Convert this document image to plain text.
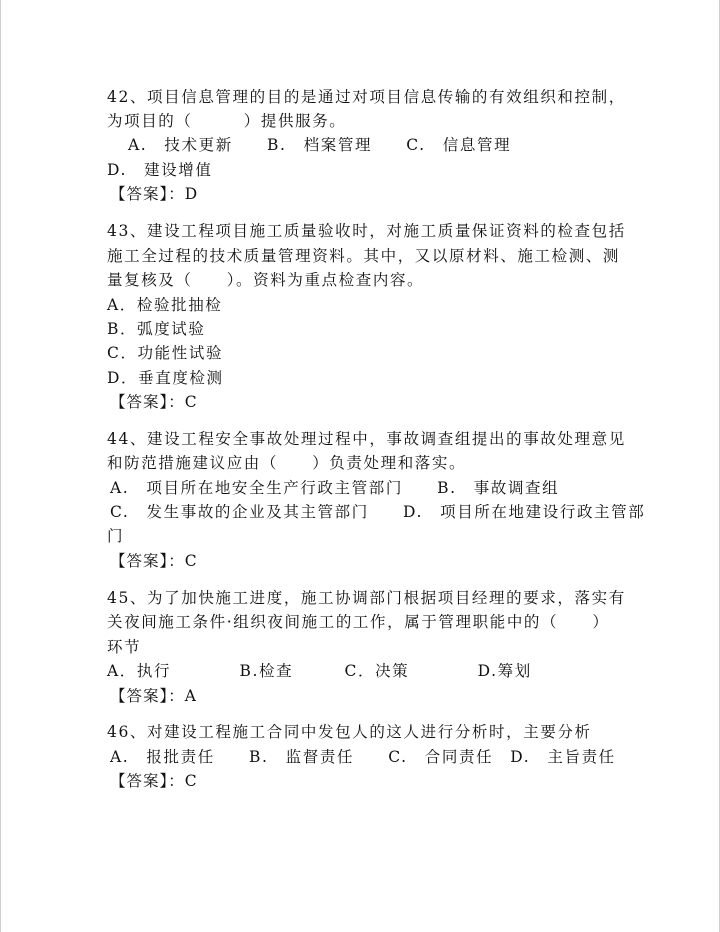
42、项目信息管理的目的是通过对项目信息传输的有效组织和控制，
为项目的（　　　）提供服务。
A.　技术更新　　B.　档案管理　　C.　信息管理
D.　建设增值
【答案】：D
43、建设工程项目施工质量验收时，对施工质量保证资料的检查包括
施工全过程的技术质量管理资料。其中，又以原材料、施工检测、测
量复核及（　　）。资料为重点检查内容。
A．检验批抽检
B．弧度试验
C．功能性试验
D．垂直度检测
【答案】：C
44、建设工程安全事故处理过程中，事故调查组提出的事故处理意见
和防范措施建议应由（　　）负责处理和落实。
A.　项目所在地安全生产行政主管部门　　B.　事故调查组
C.　发生事故的企业及其主管部门　　D.　项目所在地建设行政主管部
门
【答案】：C
45、为了加快施工进度，施工协调部门根据项目经理的要求，落实有
关夜间施工条件·组织夜间施工的工作，属于管理职能中的（　　）
环节
A．执行　　　　B.检查　　　C．决策　　　　D.筹划
【答案】：A
46、对建设工程施工合同中发包人的这人进行分析时，主要分析
A.　报批责任　　B.　监督责任　　C.　合同责任　D.　主旨责任
【答案】：C
